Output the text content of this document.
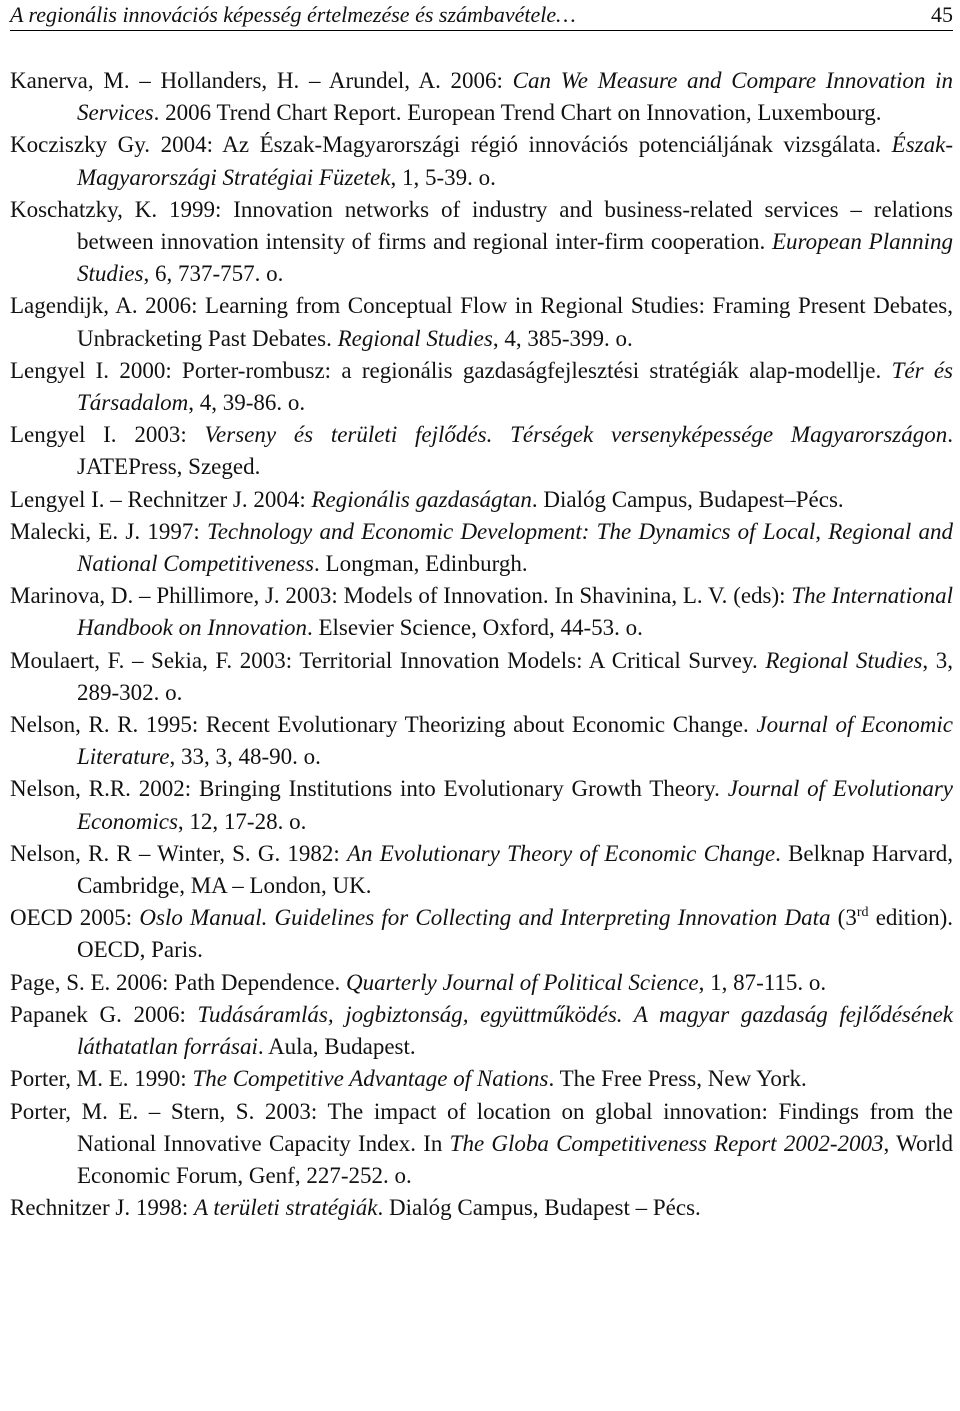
A regionális innovációs képesség értelmezése és számbavétele…	45

Kanerva, M. – Hollanders, H. – Arundel, A. 2006: Can We Measure and Compare Innovation in Services. 2006 Trend Chart Report. European Trend Chart on Innovation, Luxembourg.

Kocziszky Gy. 2004: Az Észak-Magyarországi régió innovációs potenciáljának vizsgálata. Észak-Magyarországi Stratégiai Füzetek, 1, 5-39. o.

Koschatzky, K. 1999: Innovation networks of industry and business-related services – relations between innovation intensity of firms and regional inter-firm cooperation. European Planning Studies, 6, 737-757. o.

Lagendijk, A. 2006: Learning from Conceptual Flow in Regional Studies: Framing Present Debates, Unbracketing Past Debates. Regional Studies, 4, 385-399. o.

Lengyel I. 2000: Porter-rombusz: a regionális gazdaságfejlesztési stratégiák alap-modellje. Tér és Társadalom, 4, 39-86. o.

Lengyel I. 2003: Verseny és területi fejlődés. Térségek versenyképessége Magyarországon. JATEPress, Szeged.

Lengyel I. – Rechnitzer J. 2004: Regionális gazdaságtan. Dialóg Campus, Budapest–Pécs.

Malecki, E. J. 1997: Technology and Economic Development: The Dynamics of Local, Regional and National Competitiveness. Longman, Edinburgh.

Marinova, D. – Phillimore, J. 2003: Models of Innovation. In Shavinina, L. V. (eds): The International Handbook on Innovation. Elsevier Science, Oxford, 44-53. o.

Moulaert, F. – Sekia, F. 2003: Territorial Innovation Models: A Critical Survey. Regional Studies, 3, 289-302. o.

Nelson, R. R. 1995: Recent Evolutionary Theorizing about Economic Change. Journal of Economic Literature, 33, 3, 48-90. o.

Nelson, R.R. 2002: Bringing Institutions into Evolutionary Growth Theory. Journal of Evolutionary Economics, 12, 17-28. o.

Nelson, R. R – Winter, S. G. 1982: An Evolutionary Theory of Economic Change. Belknap Harvard, Cambridge, MA – London, UK.

OECD 2005: Oslo Manual. Guidelines for Collecting and Interpreting Innovation Data (3rd edition). OECD, Paris.

Page, S. E. 2006: Path Dependence. Quarterly Journal of Political Science, 1, 87-115. o.

Papanek G. 2006: Tudásáramlás, jogbiztonság, együttműködés. A magyar gazdaság fejlődésének láthatatlan forrásai. Aula, Budapest.

Porter, M. E. 1990: The Competitive Advantage of Nations. The Free Press, New York.

Porter, M. E. – Stern, S. 2003: The impact of location on global innovation: Findings from the National Innovative Capacity Index. In The Globa Competitiveness Report 2002-2003, World Economic Forum, Genf, 227-252. o.

Rechnitzer J. 1998: A területi stratégiák. Dialóg Campus, Budapest – Pécs.
